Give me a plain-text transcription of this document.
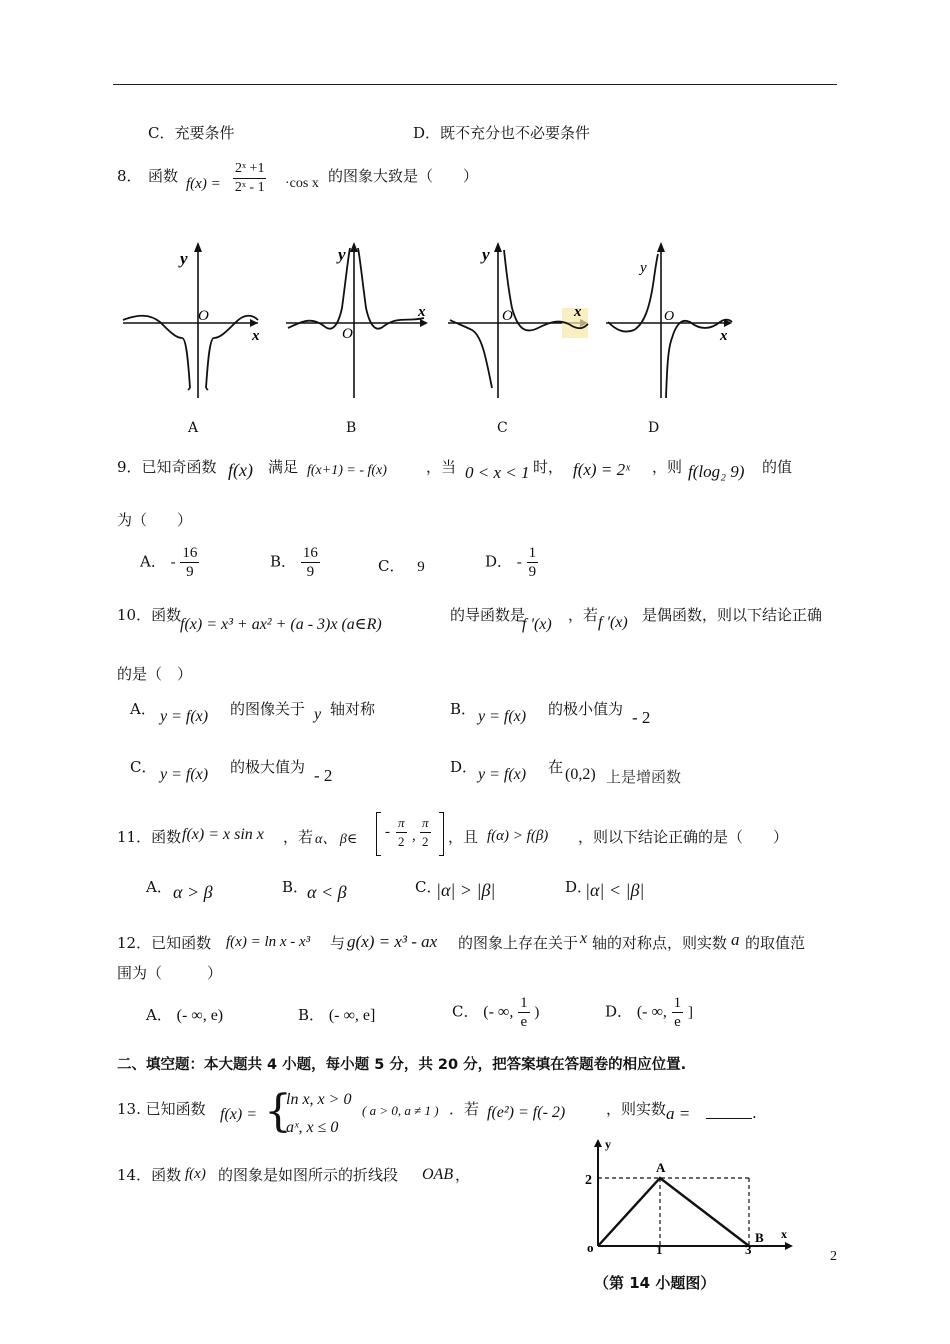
C．充要条件	D．既不充分也不必要条件
8． 函数 $f(x) = \frac{\text{2ˣ +1}}{\text{2ˣ - 1}} \cdot\cos$ x 的图象大致是（　　）
y
O
x
y
O
x
y
O	x
y
O
x
A	B	C	D
9．已知奇函数 f(x) 满足 f(x+1) = - f(x)	，当 0 < x < 1 时， f(x) = 2ˣ ，则 f(log₂ 9) 的值
为（　　）
A． - $\frac{16}{9}$	B． $\frac{16}{9}$	C． 9	D． - $\frac{1}{9}$
10．函数
f(x) = x³ + ax² + (a - 3)x (a∈R)
的导函数是
f ′(x)
，若 f ′(x) 是偶函数，则以下结论正确
的是（　）
A． y = f(x) 的图像关于 y 轴对称	B． y = f(x) 的极小值为 - 2
C． y = f(x) 的极大值为 - 2	D． y = f(x) 在 (0,2) 上是增函数
11．函数 f(x) = x sin x ，若 α、 β∈ - $\frac{\pi}{2}$ , $\frac{\pi}{2}$ ，且 f(α) > f(β) ，则以下结论正确的是（　　）
A． α > β	B．
α < β	C．
|α| > |β|	D．
|α| < |β|
12．已知函数 f(x) = ln x - x³ 与 g(x) = x³ - ax 的图象上存在关于 x 轴的对称点，则实数 a 的取值范
围为（　　　）
A． (- ∞, e)	B． (- ∞, e]	C． (- ∞, $\frac{1}{e}$ )	D． (- ∞, $\frac{1}{e}$ ]
二、填空题：本大题共 4 小题，每小题 5 分，共 20 分，把答案填在答题卷的相应位置.
13. 已知函数 f(x) = {
ln x, x > 0
aˣ, x ≤ 0
( a > 0, a ≠ 1 ) ．若 f(e²) = f(- 2)	，则实数 a =	.
14．函数 f(x) 的图象是如图所示的折线段 OAB ，	2
A
B
o	1	3
x
y
（第 14 小题图）
2
